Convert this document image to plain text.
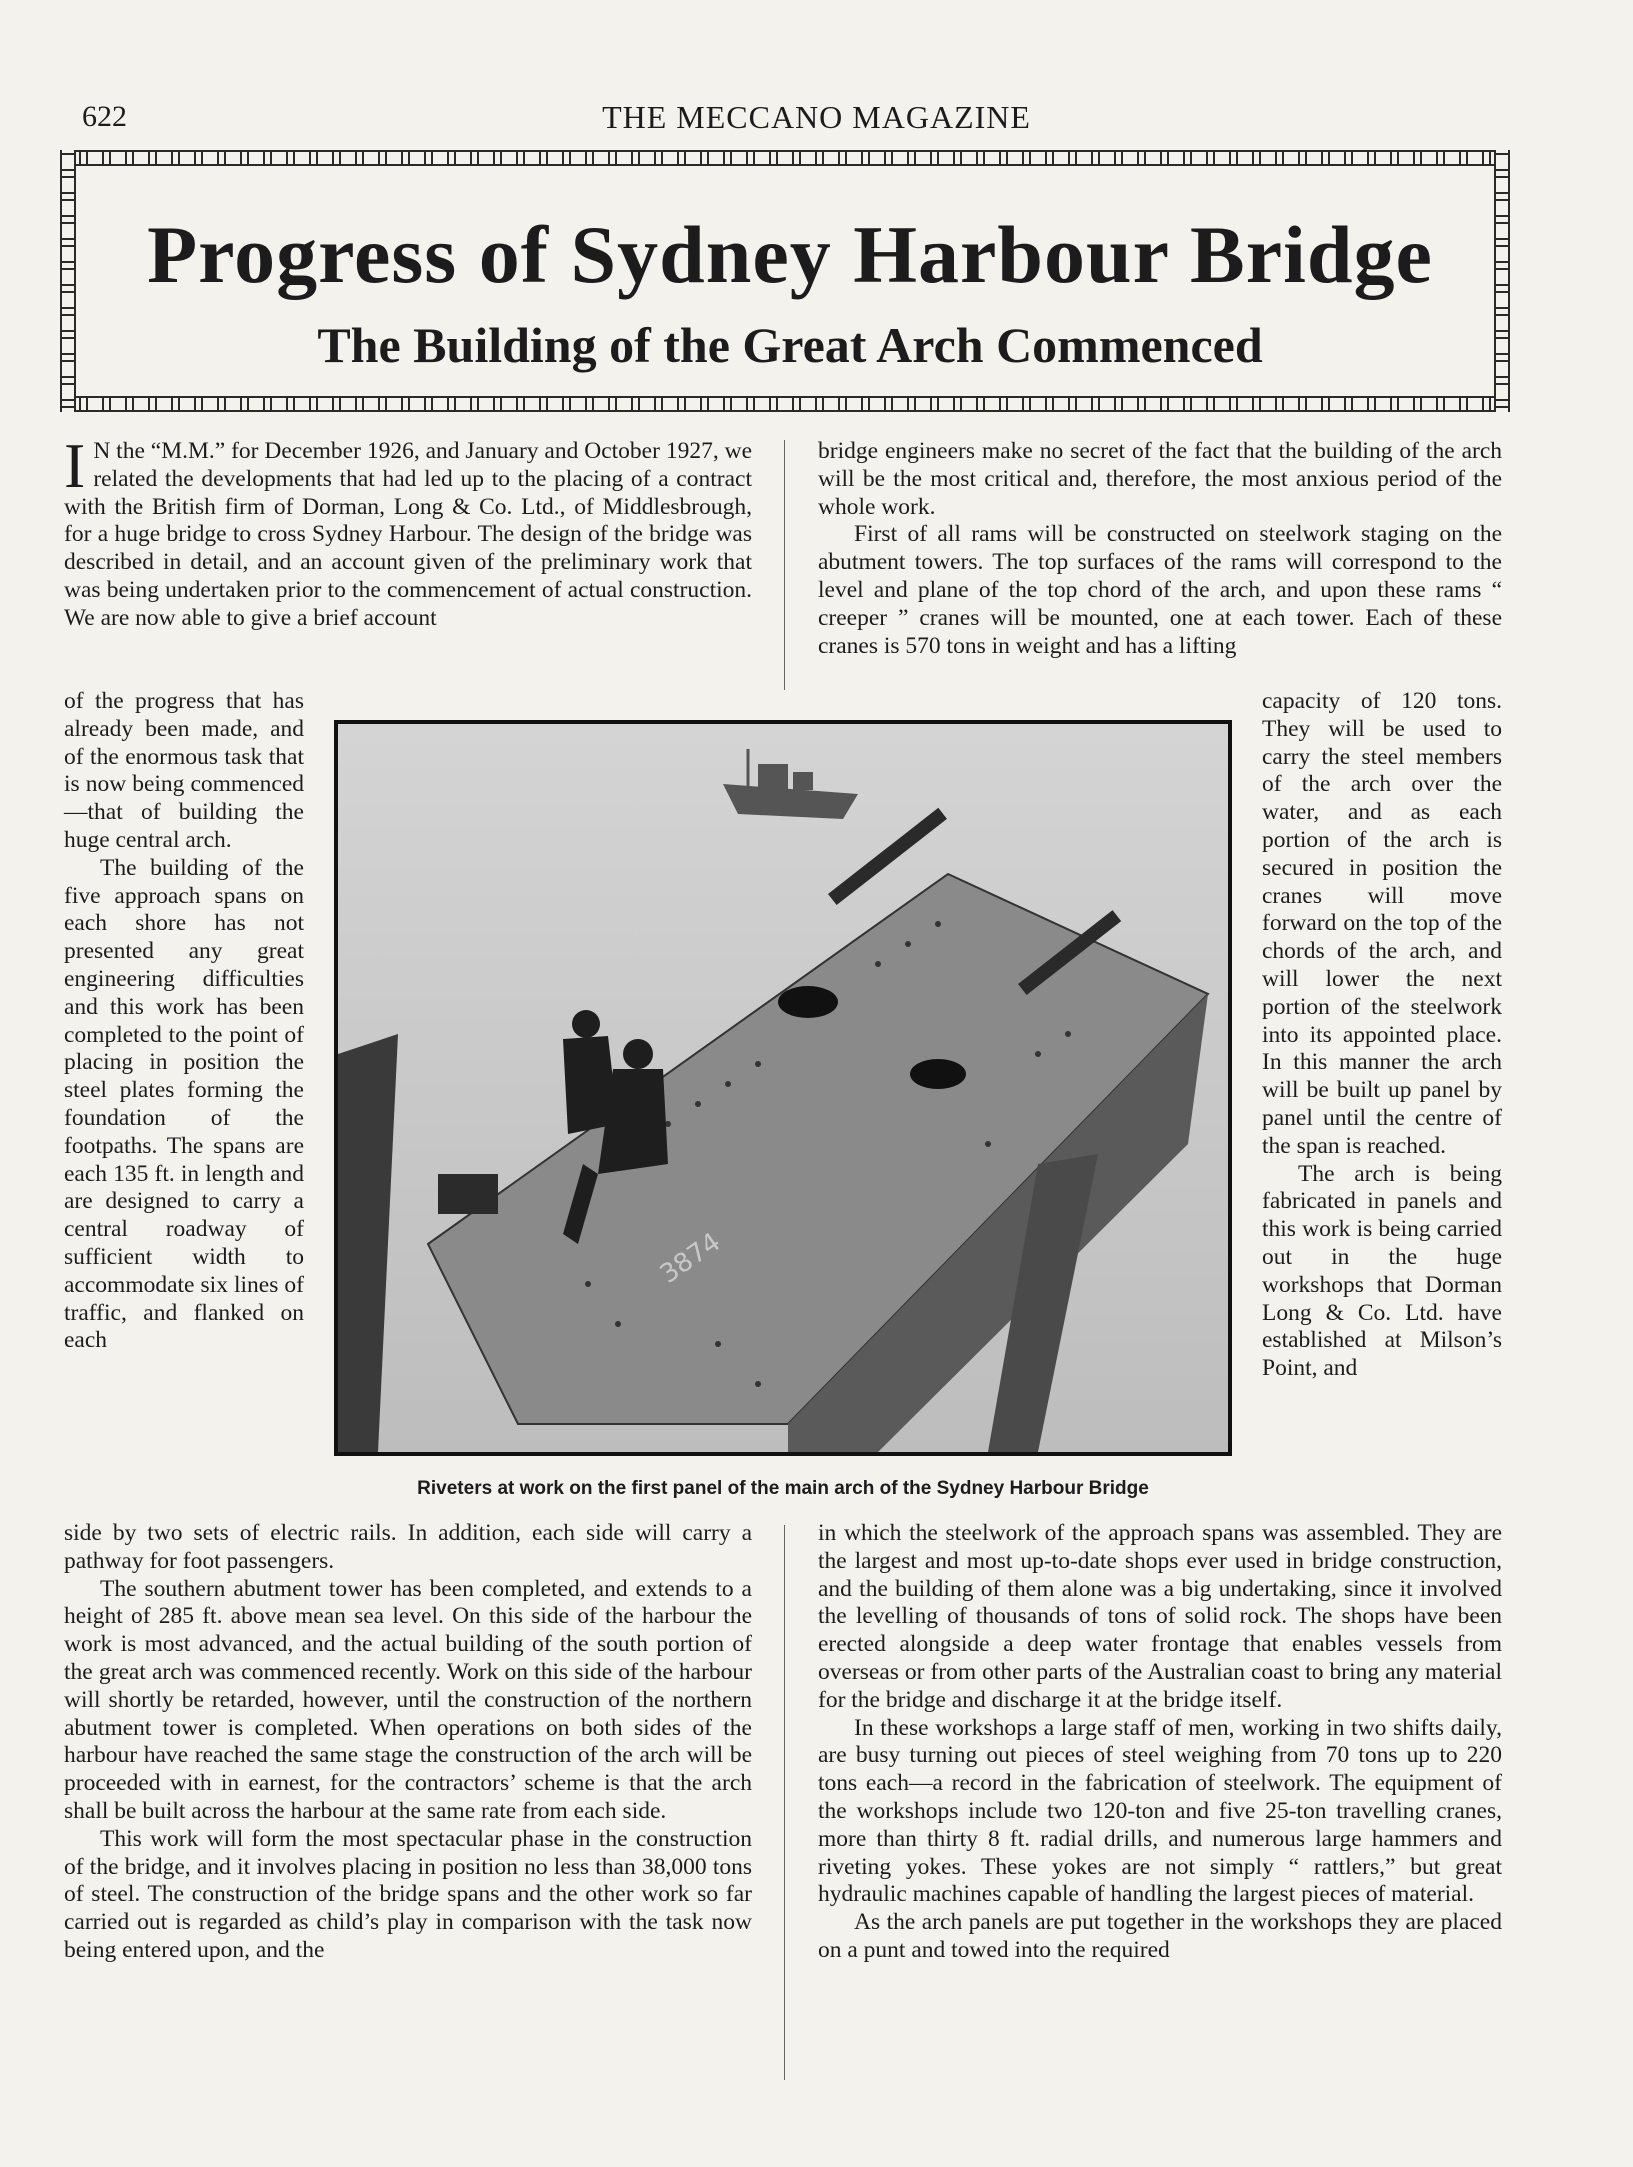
622	THE MECCANO MAGAZINE
Progress of Sydney Harbour Bridge
The Building of the Great Arch Commenced

I N the “M.M.” for December 1926, and January and October 1927, we related the developments that had led up to the placing of a contract with the British firm of Dorman, Long & Co. Ltd., of Middlesbrough, for a huge bridge to cross Sydney Harbour. The design of the bridge was described in detail, and an account given of the preliminary work that was being undertaken prior to the commencement of actual construction. We are now able to give a brief account

of the progress that has already been made, and of the enormous task that is now being commenced—that of building the huge central arch.

The building of the five approach spans on each shore has not presented any great engineering difficulties and this work has been completed to the point of placing in position the steel plates forming the foundation of the footpaths. The spans are each 135 ft. in length and are designed to carry a central roadway of sufficient width to accommodate six lines of traffic, and flanked on each

side by two sets of electric rails. In addition, each side will carry a pathway for foot passengers.

The southern abutment tower has been completed, and extends to a height of 285 ft. above mean sea level. On this side of the harbour the work is most advanced, and the actual building of the south portion of the great arch was commenced recently. Work on this side of the harbour will shortly be retarded, however, until the construction of the northern abutment tower is completed. When operations on both sides of the harbour have reached the same stage the construction of the arch will be proceeded with in earnest, for the contractors’ scheme is that the arch shall be built across the harbour at the same rate from each side.

This work will form the most spectacular phase in the construction of the bridge, and it involves placing in position no less than 38,000 tons of steel. The construction of the bridge spans and the other work so far carried out is regarded as child’s play in comparison with the task now being entered upon, and the

bridge engineers make no secret of the fact that the building of the arch will be the most critical and, therefore, the most anxious period of the whole work.

First of all rams will be constructed on steelwork staging on the abutment towers. The top surfaces of the rams will correspond to the level and plane of the top chord of the arch, and upon these rams “ creeper ” cranes will be mounted, one at each tower. Each of these cranes is 570 tons in weight and has a lifting

capacity of 120 tons. They will be used to carry the steel members of the arch over the water, and as each portion of the arch is secured in position the cranes will move forward on the top of the chords of the arch, and will lower the next portion of the steelwork into its appointed place. In this manner the arch will be built up panel by panel until the centre of the span is reached.

The arch is being fabricated in panels and this work is being carried out in the huge workshops that Dorman Long & Co. Ltd. have established at Milson’s Point, and

in which the steelwork of the approach spans was assembled. They are the largest and most up-to-date shops ever used in bridge construction, and the building of them alone was a big undertaking, since it involved the levelling of thousands of tons of solid rock. The shops have been erected alongside a deep water frontage that enables vessels from overseas or from other parts of the Australian coast to bring any material for the bridge and discharge it at the bridge itself.

In these workshops a large staff of men, working in two shifts daily, are busy turning out pieces of steel weighing from 70 tons up to 220 tons each—a record in the fabrication of steelwork. The equipment of the workshops include two 120-ton and five 25-ton travelling cranes, more than thirty 8 ft. radial drills, and numerous large hammers and riveting yokes. These yokes are not simply “ rattlers,” but great hydraulic machines capable of handling the largest pieces of material.

As the arch panels are put together in the workshops they are placed on a punt and towed into the required

3874
Riveters at work on the first panel of the main arch of the Sydney Harbour Bridge
